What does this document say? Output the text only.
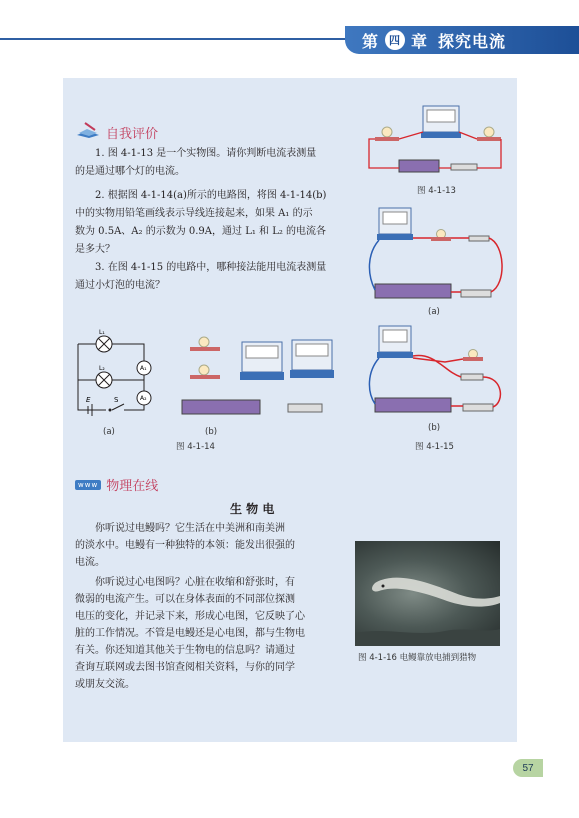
第 四 章 探究电流
自我评价
1. 图 4-1-13 是一个实物图。请你判断电流表测量
的是通过哪个灯的电流。
2. 根据图 4-1-14(a)所示的电路图，将图 4-1-14(b)
中的实物用铅笔画线表示导线连接起来，如果 A₁ 的示
数为 0.5A、A₂ 的示数为 0.9A，通过 L₁ 和 L₂ 的电流各
是多大？
3. 在图 4-1-15 的电路中，哪种接法能用电流表测量
通过小灯泡的电流？
图 4-1-13
(a)
(b)
图 4-1-15
L₁
L₂	A₁
A₂
E	S
(a)	(b)
图 4-1-14
www 物理在线
生 物 电
你听说过电鳗吗？它生活在中美洲和南美洲
的淡水中。电鳗有一种独特的本领：能发出很强的
电流。
你听说过心电图吗？心脏在收缩和舒张时，有
微弱的电流产生。可以在身体表面的不同部位探测
电压的变化，并记录下来，形成心电图，它反映了心
脏的工作情况。不管是电鳗还是心电图，都与生物电
有关。你还知道其他关于生物电的信息吗？请通过
查询互联网或去图书馆查阅相关资料，与你的同学
或朋友交流。
图 4-1-16 电鳗靠放电捕到猎物
57
